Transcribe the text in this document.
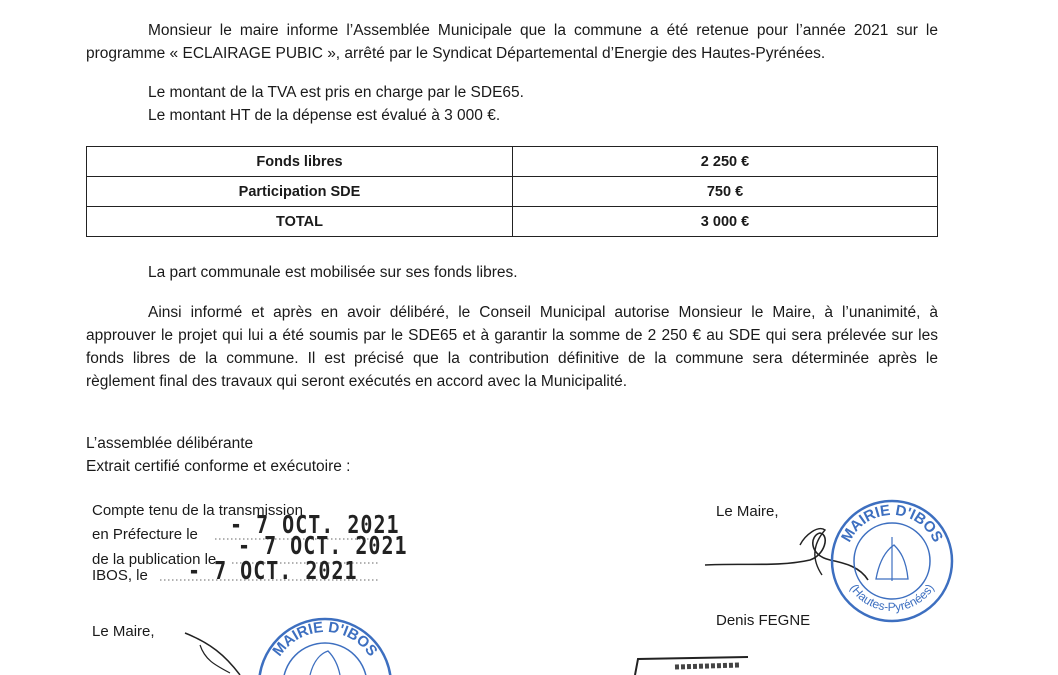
Monsieur le maire informe l’Assemblée Municipale que la commune a été retenue pour l’année 2021 sur le
programme « ECLAIRAGE PUBIC », arrêté par le Syndicat Départemental d’Energie des Hautes-Pyrénées.
Le montant de la TVA est pris en charge par le SDE65.
Le montant HT de la dépense est évalué à 3 000 €.
Fonds libres	2 250 €
Participation SDE	750 €
TOTAL	3 000 €
La part communale est mobilisée sur ses fonds libres.
Ainsi informé et après en avoir délibéré, le Conseil Municipal autorise Monsieur le Maire, à l’unanimité, à
approuver le projet qui lui a été soumis par le SDE65 et à garantir la somme de 2 250 € au SDE qui sera prélevée sur les
fonds libres de la commune. Il est précisé que la contribution définitive de la commune sera déterminée après le
règlement final des travaux qui seront exécutés en accord avec la Municipalité.
L’assemblée délibérante
Extrait certifié conforme et exécutoire :
Compte tenu de la transmission
en Préfecture le
de la publication le
IBOS, le
- 7 OCT. 2021
- 7 OCT. 2021
- 7 OCT. 2021
Le Maire,
Le Maire,
Denis FEGNE
MAIRIE D'IBOS
(Hautes-Pyrénées)
MAIRIE D'IBOS
